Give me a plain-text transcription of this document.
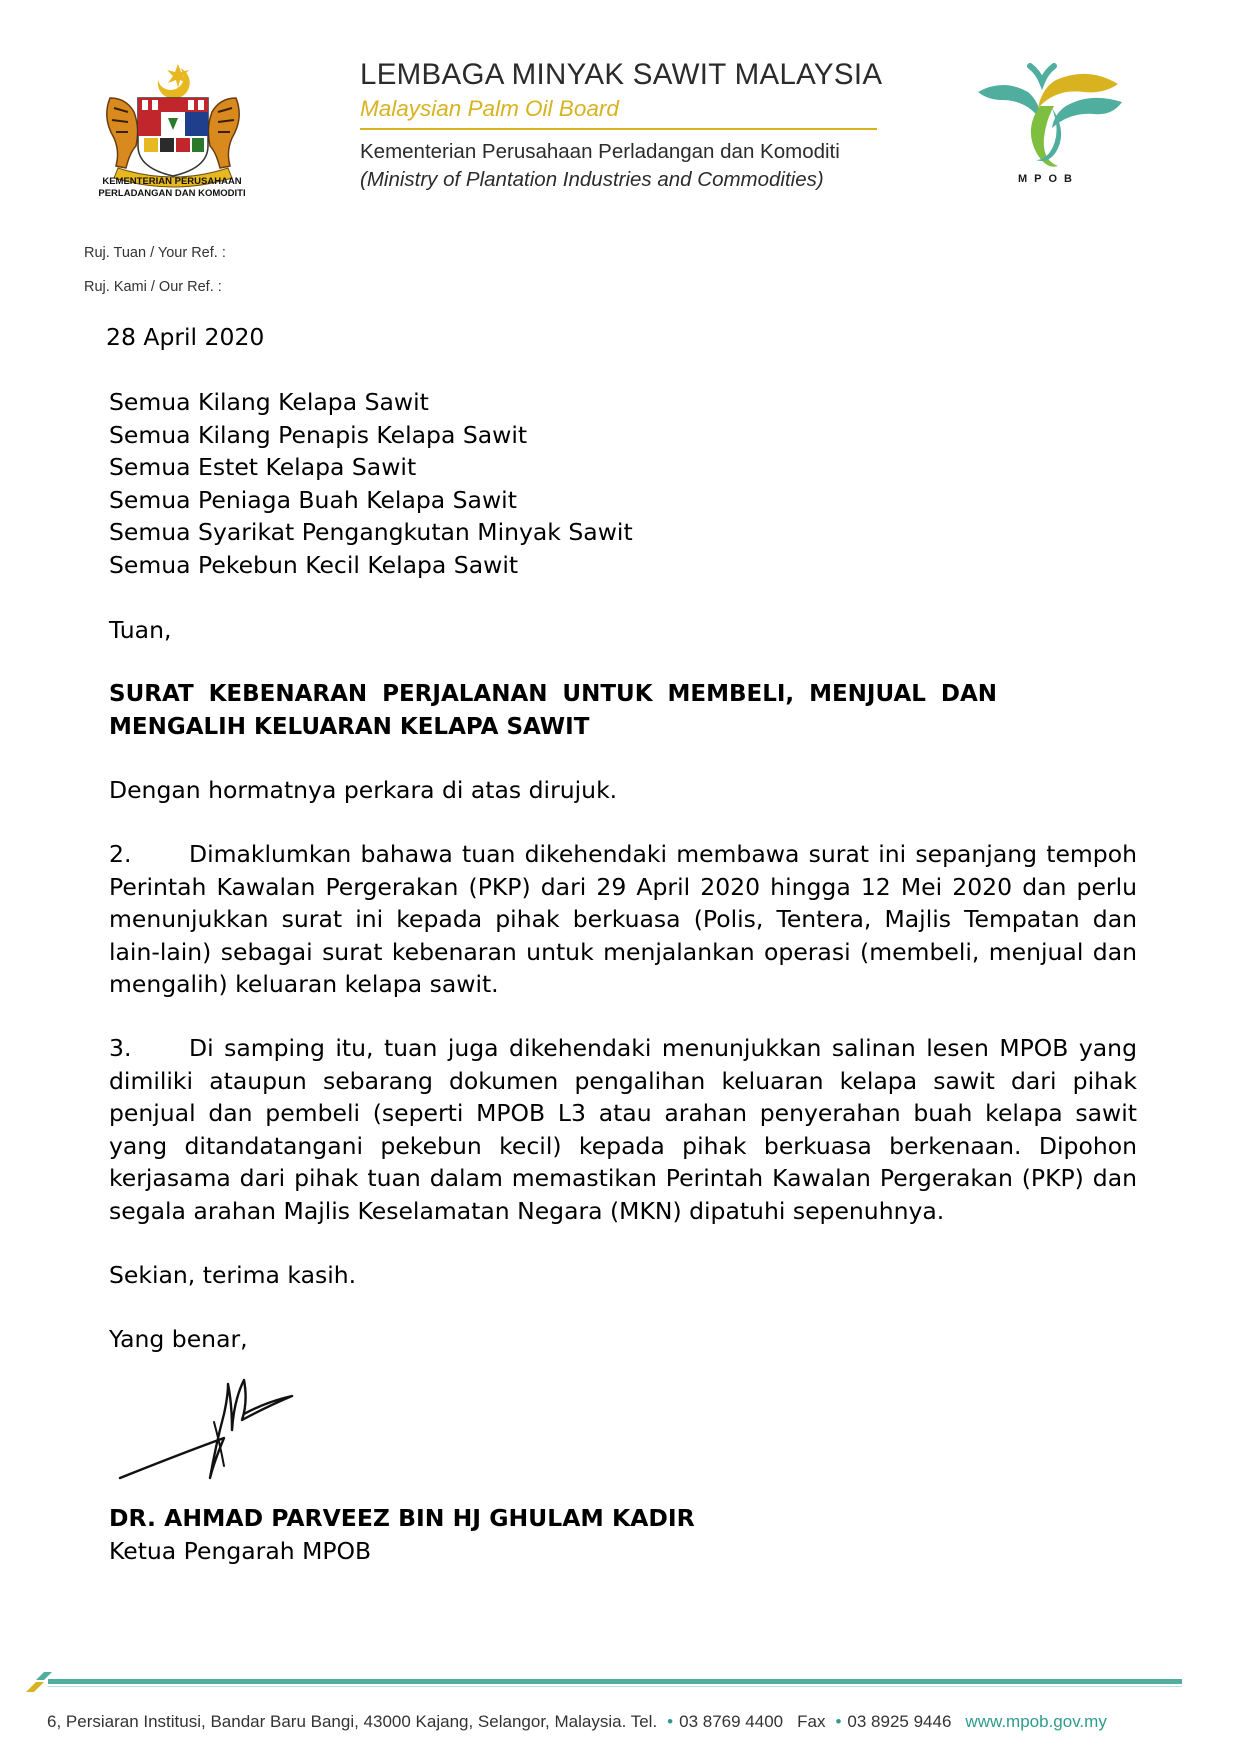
KEMENTERIAN PERUSAHAAN
PERLADANGAN DAN KOMODITI
LEMBAGA MINYAK SAWIT MALAYSIA
Malaysian Palm Oil Board
Kementerian Perusahaan Perladangan dan Komoditi
(Ministry of Plantation Industries and Commodities)	MPOB
Ruj. Tuan / Your Ref. :
Ruj. Kami / Our Ref. :
28 April 2020
Semua Kilang Kelapa Sawit
Semua Kilang Penapis Kelapa Sawit
Semua Estet Kelapa Sawit
Semua Peniaga Buah Kelapa Sawit
Semua Syarikat Pengangkutan Minyak Sawit
Semua Pekebun Kecil Kelapa Sawit
Tuan,
SURAT KEBENARAN PERJALANAN UNTUK MEMBELI, MENJUAL DAN MENGALIH KELUARAN KELAPA SAWIT
Dengan hormatnya perkara di atas dirujuk.
2. Dimaklumkan bahawa tuan dikehendaki membawa surat ini sepanjang tempoh Perintah Kawalan Pergerakan (PKP) dari 29 April 2020 hingga 12 Mei 2020 dan perlu menunjukkan surat ini kepada pihak berkuasa (Polis, Tentera, Majlis Tempatan dan lain-lain) sebagai surat kebenaran untuk menjalankan operasi (membeli, menjual dan mengalih) keluaran kelapa sawit.
3. Di samping itu, tuan juga dikehendaki menunjukkan salinan lesen MPOB yang dimiliki ataupun sebarang dokumen pengalihan keluaran kelapa sawit dari pihak penjual dan pembeli (seperti MPOB L3 atau arahan penyerahan buah kelapa sawit yang ditandatangani pekebun kecil) kepada pihak berkuasa berkenaan. Dipohon kerjasama dari pihak tuan dalam memastikan Perintah Kawalan Pergerakan (PKP) dan segala arahan Majlis Keselamatan Negara (MKN) dipatuhi sepenuhnya.
Sekian, terima kasih.
Yang benar,
DR. AHMAD PARVEEZ BIN HJ GHULAM KADIR
Ketua Pengarah MPOB
6, Persiaran Institusi, Bandar Baru Bangi, 43000 Kajang, Selangor, Malaysia. Tel. • 03 8769 4400 Fax • 03 8925 9446 www.mpob.gov.my
